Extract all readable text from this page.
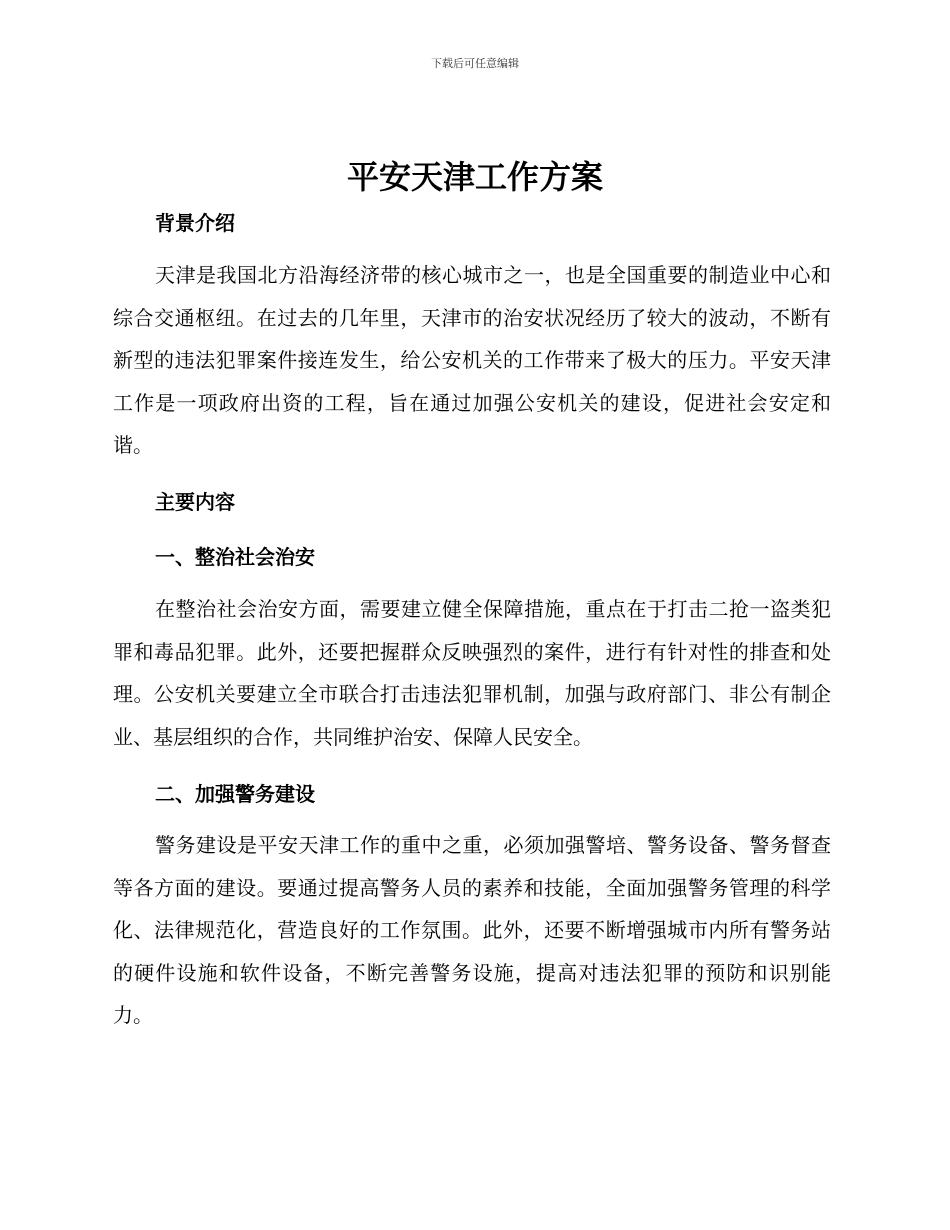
下载后可任意编辑
平安天津工作方案
背景介绍

天津是我国北方沿海经济带的核心城市之一，也是全国重要的制造业中心和综合交通枢纽。在过去的几年里，天津市的治安状况经历了较大的波动，不断有新型的违法犯罪案件接连发生，给公安机关的工作带来了极大的压力。平安天津工作是一项政府出资的工程，旨在通过加强公安机关的建设，促进社会安定和谐。

主要内容
一、整治社会治安

在整治社会治安方面，需要建立健全保障措施，重点在于打击二抢一盗类犯罪和毒品犯罪。此外，还要把握群众反映强烈的案件，进行有针对性的排查和处理。公安机关要建立全市联合打击违法犯罪机制，加强与政府部门、非公有制企业、基层组织的合作，共同维护治安、保障人民安全。

二、加强警务建设

警务建设是平安天津工作的重中之重，必须加强警培、警务设备、警务督查等各方面的建设。要通过提高警务人员的素养和技能，全面加强警务管理的科学化、法律规范化，营造良好的工作氛围。此外，还要不断增强城市内所有警务站的硬件设施和软件设备，不断完善警务设施，提高对违法犯罪的预防和识别能力。
